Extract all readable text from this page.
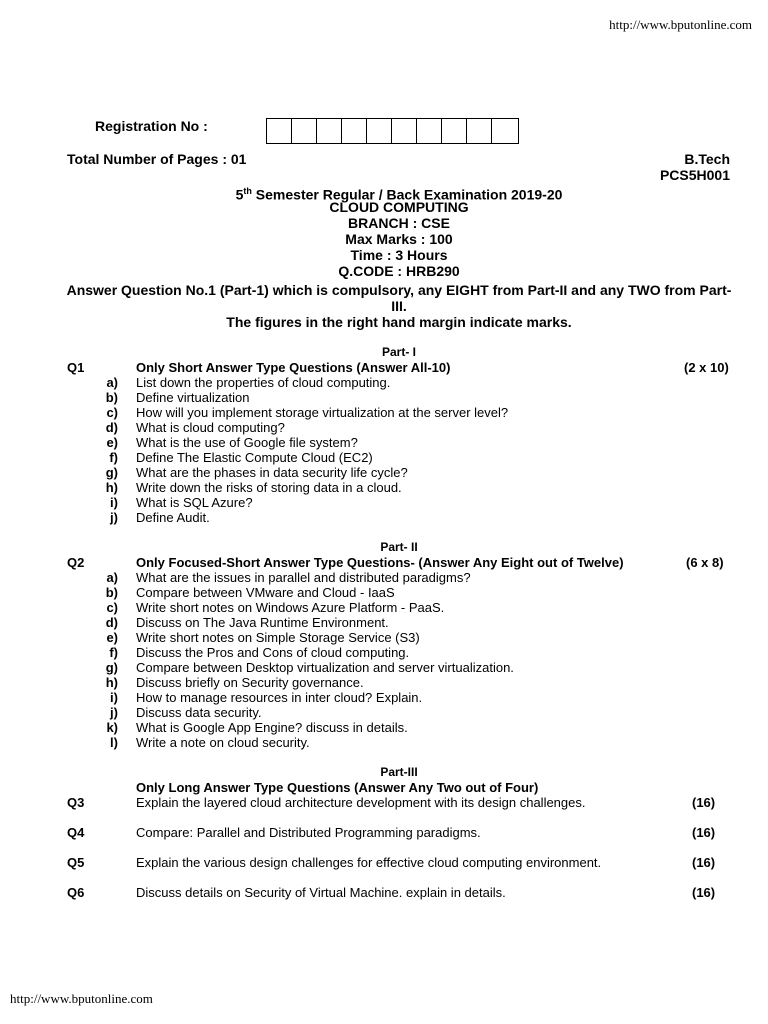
http://www.bputonline.com
Registration No :
Total Number of Pages : 01	B.Tech
PCS5H001
5th Semester Regular / Back Examination 2019-20
CLOUD COMPUTING
BRANCH : CSE
Max Marks : 100
Time : 3 Hours
Q.CODE : HRB290
Answer Question No.1 (Part-1) which is compulsory, any EIGHT from Part-II and any TWO from Part-III.
The figures in the right hand margin indicate marks.
Part- I
Q1	Only Short Answer Type Questions (Answer All-10)	(2 x 10)
a) List down the properties of cloud computing.
b) Define virtualization
c) How will you implement storage virtualization at the server level?
d) What is cloud computing?
e) What is the use of Google file system?
f) Define The Elastic Compute Cloud (EC2)
g) What are the phases in data security life cycle?
h) Write down the risks of storing data in a cloud.
i) What is SQL Azure?
j) Define Audit.
Part- II
Q2	Only Focused-Short Answer Type Questions- (Answer Any Eight out of Twelve)	(6 x 8)
a) What are the issues in parallel and distributed paradigms?
b) Compare between VMware and Cloud - IaaS
c) Write short notes on Windows Azure Platform - PaaS.
d) Discuss on The Java Runtime Environment.
e) Write short notes on Simple Storage Service (S3)
f) Discuss the Pros and Cons of cloud computing.
g) Compare between Desktop virtualization and server virtualization.
h) Discuss briefly on Security governance.
i) How to manage resources in inter cloud? Explain.
j) Discuss data security.
k) What is Google App Engine? discuss in details.
l) Write a note on cloud security.
Part-III
Only Long Answer Type Questions (Answer Any Two out of Four)
Q3	Explain the layered cloud architecture development with its design challenges.	(16)
Q4	Compare: Parallel and Distributed Programming paradigms.	(16)
Q5	Explain the various design challenges for effective cloud computing environment.	(16)
Q6	Discuss details on Security of Virtual Machine. explain in details.	(16)
http://www.bputonline.com
